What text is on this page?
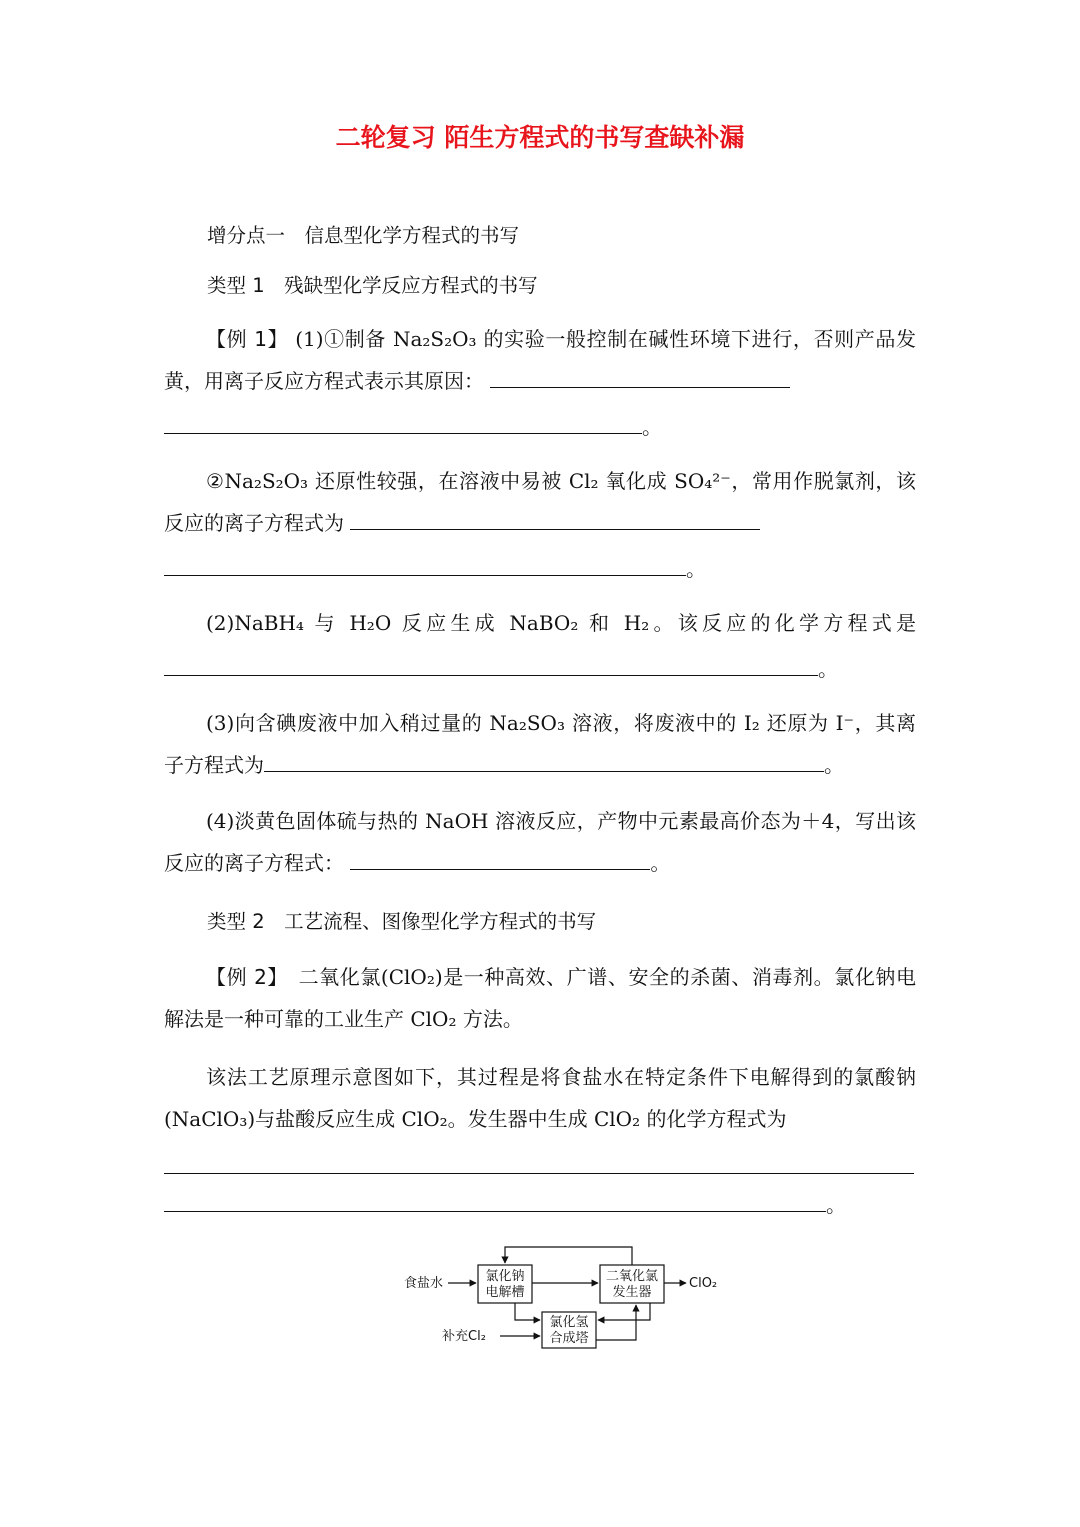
二轮复习 陌生方程式的书写查缺补漏
增分点一　信息型化学方程式的书写
类型 1　残缺型化学反应方程式的书写
【例 1】 (1)①制备 Na₂S₂O₃ 的实验一般控制在碱性环境下进行，否则产品发黄，用离子反应方程式表示其原因：
。
②Na₂S₂O₃ 还原性较强，在溶液中易被 Cl₂ 氧化成 SO₄²⁻，常用作脱氯剂，该反应的离子方程式为
。
(2)NaBH₄ 与 H₂O 反应生成 NaBO₂ 和 H₂。该反应的化学方程式是
。
(3)向含碘废液中加入稍过量的 Na₂SO₃ 溶液，将废液中的 I₂ 还原为 I⁻，其离子方程式为	。
(4)淡黄色固体硫与热的 NaOH 溶液反应，产物中元素最高价态为＋4，写出该反应的离子方程式：	。
类型 2　工艺流程、图像型化学方程式的书写
【例 2】　 二氧化氯(ClO₂)是一种高效、广谱、安全的杀菌、消毒剂。氯化钠电解法是一种可靠的工业生产 ClO₂ 方法。
该法工艺原理示意图如下，其过程是将食盐水在特定条件下电解得到的氯酸钠(NaClO₃)与盐酸反应生成 ClO₂。发生器中生成 ClO₂ 的化学方程式为
。
食盐水	氯化钠
电解槽
二氧化氯
发生器
ClO₂
氯化氢
合成塔
补充Cl₂
